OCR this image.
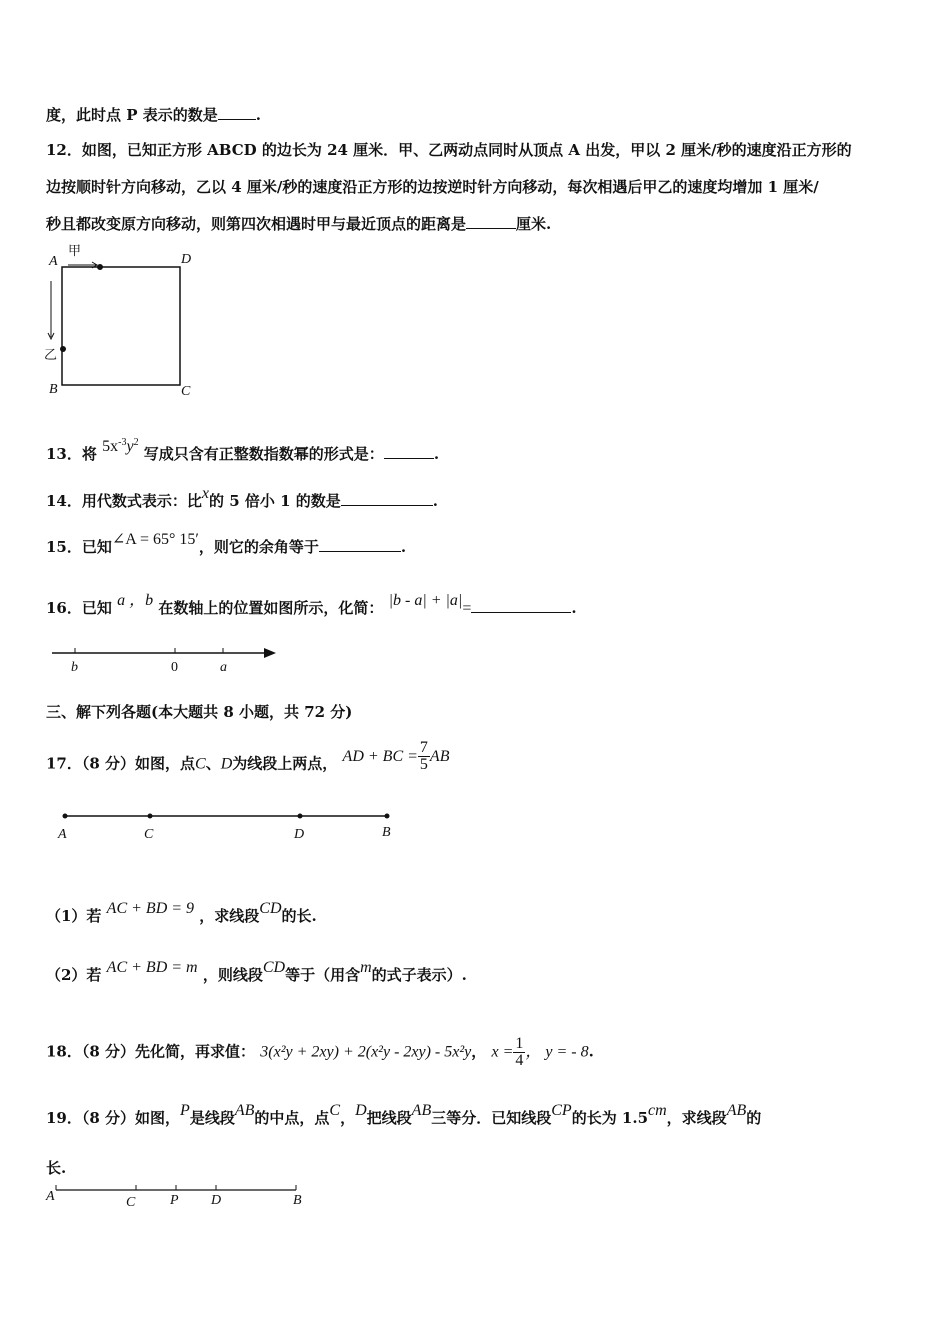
度，此时点 P 表示的数是	.
12．如图，已知正方形 ABCD 的边长为 24 厘米．甲、乙两动点同时从顶点 A 出发，甲以 2 厘米/秒的速度沿正方形的
边按顺时针方向移动，乙以 4 厘米/秒的速度沿正方形的边按逆时针方向移动，每次相遇后甲乙的速度均增加 1 厘米/
秒且都改变原方向移动，则第四次相遇时甲与最近顶点的距离是	厘米.
A	D
B	C
甲
乙
13．将 $5x^{-3}y^2$ 写成只含有正整数指数幂的形式是：	.
14．用代数式表示：比x的 5 倍小 1 的数是	.
15．已知∠A = 65° 15′，则它的余角等于	.
16．已知 a ，b 在数轴上的位置如图所示，化简： |b - a| + |a|=	.
b	0	a
三、解下列各题(本大题共 8 小题，共 72 分)
17．（8 分）如图，点C、D为线段上两点， AD + BC = $\frac{7}{5}$ AB
A	C	D	B
（1）若 AC + BD = 9 ，求线段CD的长.
（2）若 AC + BD = m ，则线段CD等于（用含m的式子表示）.
18．（8 分）先化简，再求值： 3(x²y + 2xy) + 2(x²y - 2xy) - 5x²y， $x = \frac{1}{4}$ ， y = - 8.
19．（8 分）如图，P是线段AB的中点，点C，D把线段AB三等分．已知线段CP的长为 1.5cm，求线段AB的
长.
A	C P D	B
